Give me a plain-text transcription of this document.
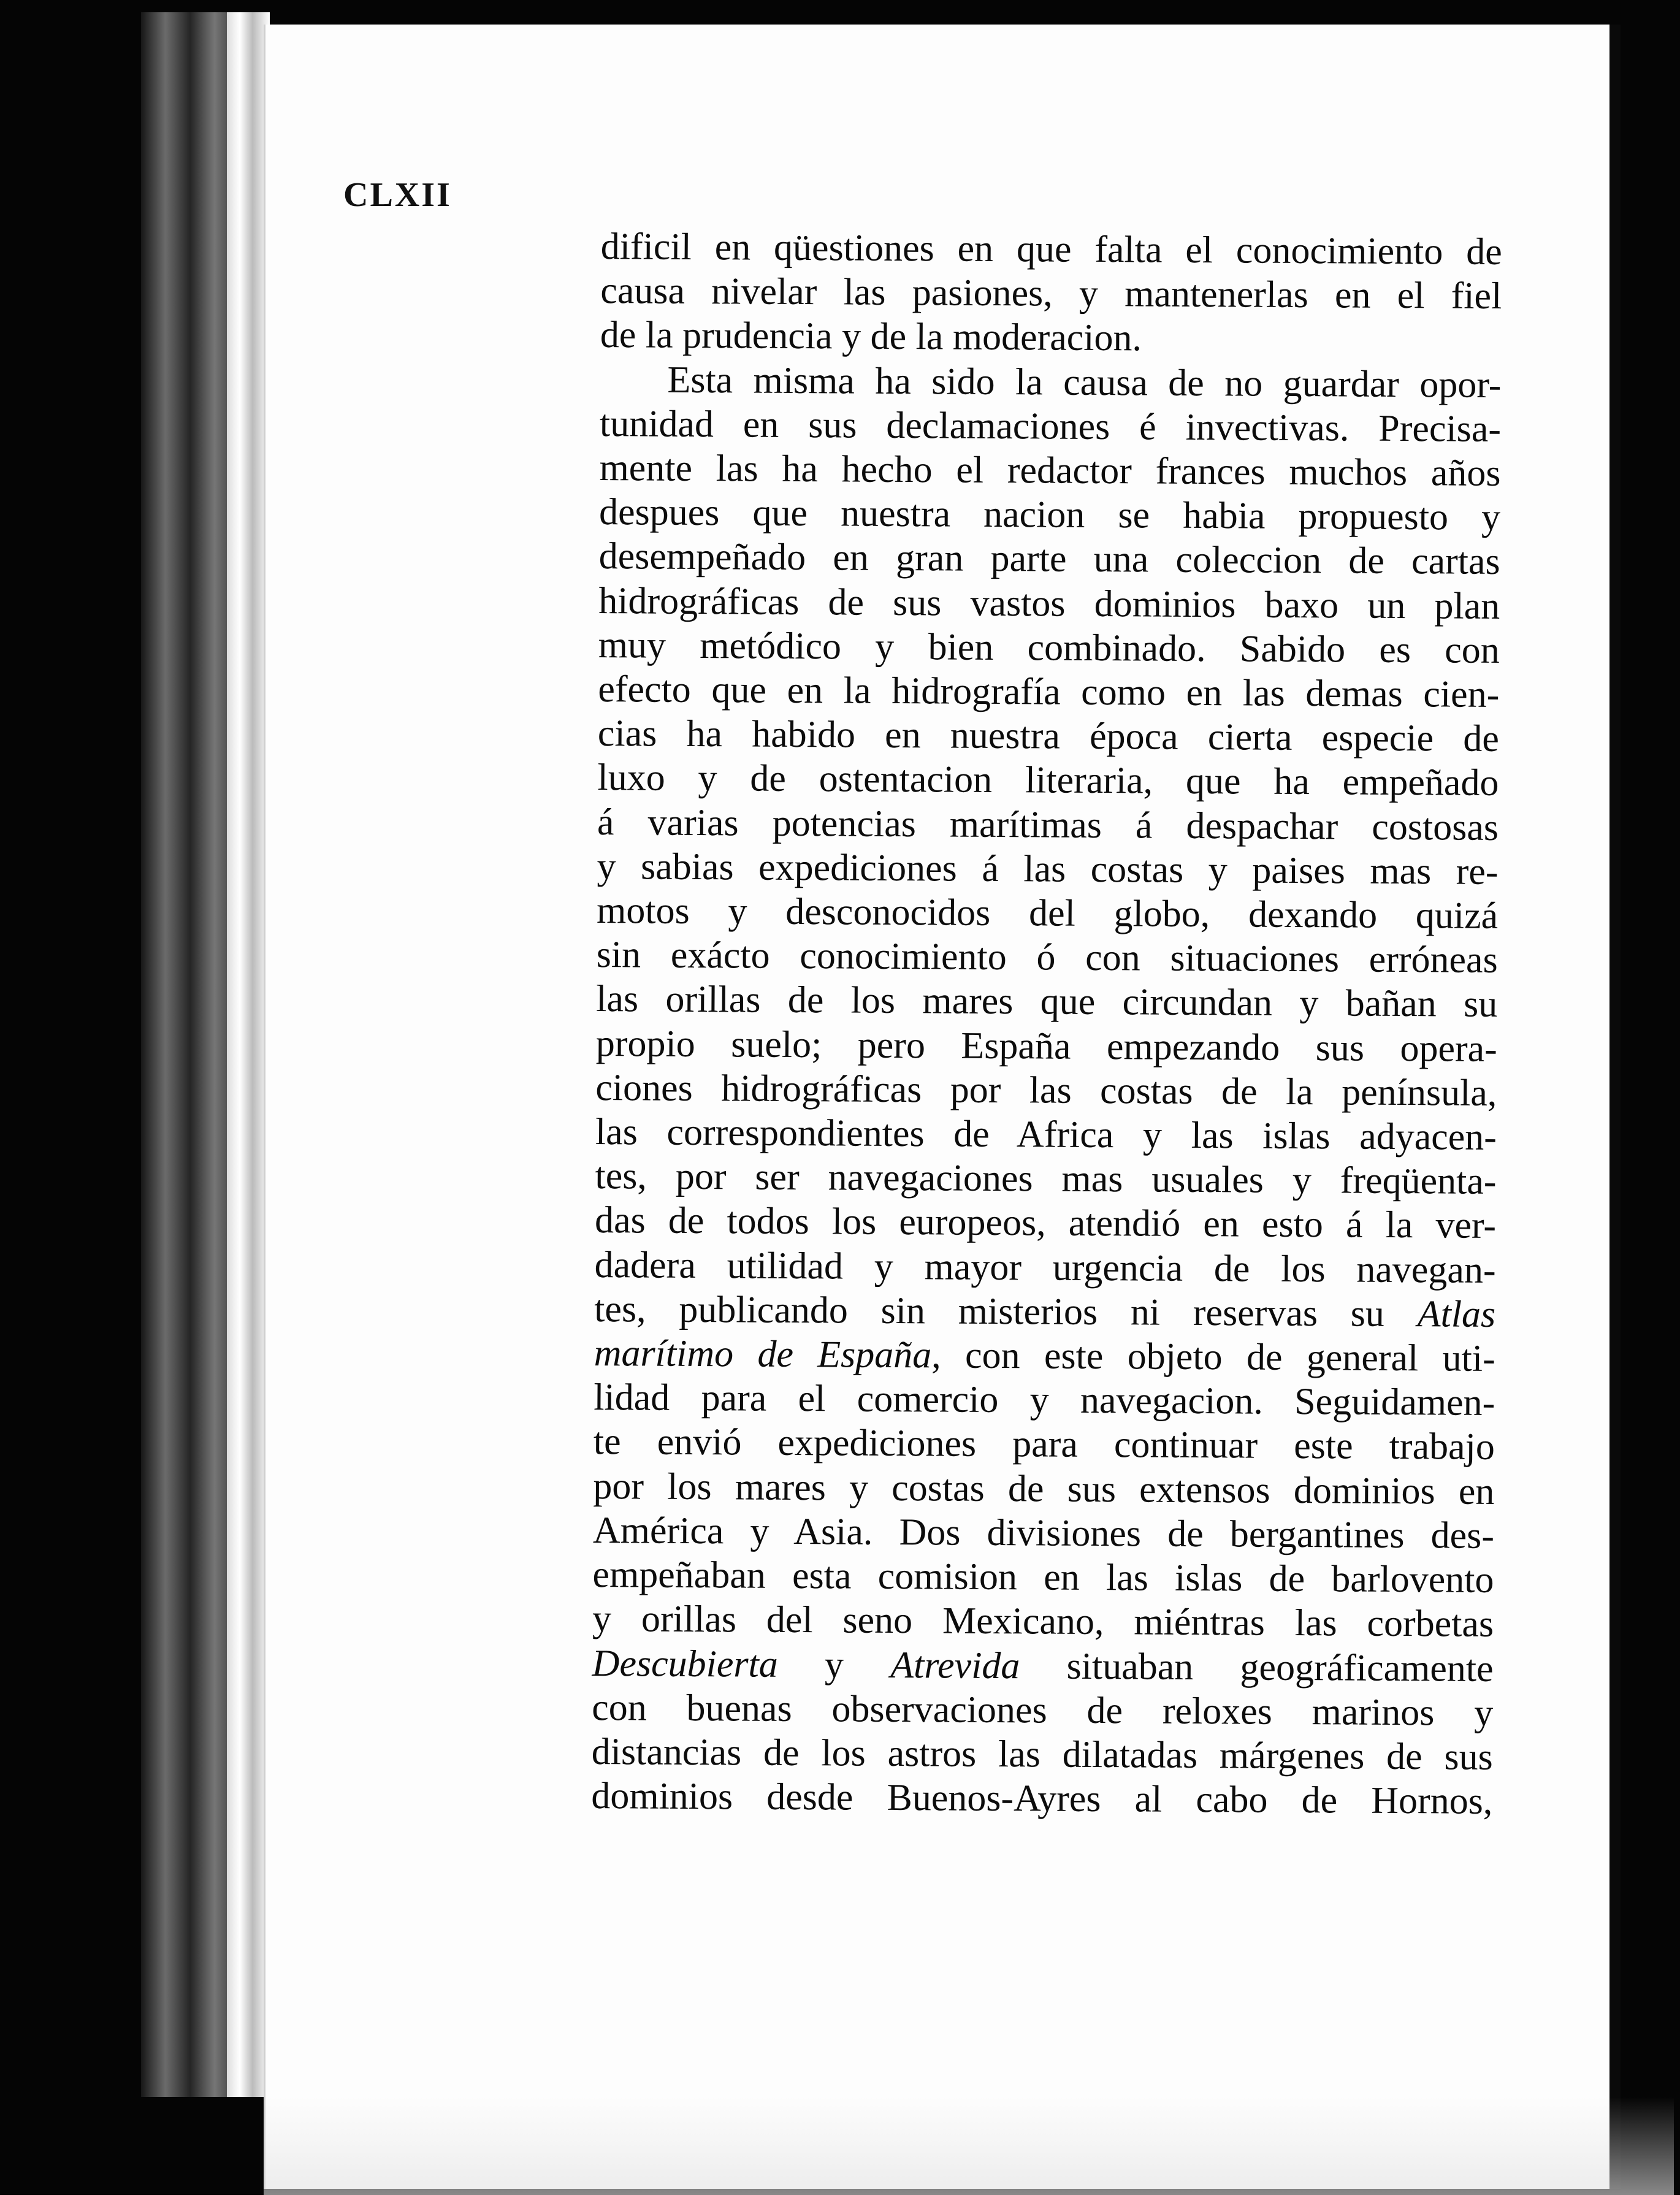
CLXII
dificil en qüestiones en que falta el conocimiento de
causa nivelar las pasiones, y mantenerlas en el fiel
de la prudencia y de la moderacion.
Esta misma ha sido la causa de no guardar opor-
tunidad en sus declamaciones é invectivas. Precisa-
mente las ha hecho el redactor frances muchos años
despues que nuestra nacion se habia propuesto y
desempeñado en gran parte una coleccion de cartas
hidrográficas de sus vastos dominios baxo un plan
muy metódico y bien combinado. Sabido es con
efecto que en la hidrografía como en las demas cien-
cias ha habido en nuestra época cierta especie de
luxo y de ostentacion literaria, que ha empeñado
á varias potencias marítimas á despachar costosas
y sabias expediciones á las costas y paises mas re-
motos y desconocidos del globo, dexando quizá
sin exácto conocimiento ó con situaciones erróneas
las orillas de los mares que circundan y bañan su
propio suelo; pero España empezando sus opera-
ciones hidrográficas por las costas de la península,
las correspondientes de Africa y las islas adyacen-
tes, por ser navegaciones mas usuales y freqüenta-
das de todos los europeos, atendió en esto á la ver-
dadera utilidad y mayor urgencia de los navegan-
tes, publicando sin misterios ni reservas su Atlas
marítimo de España, con este objeto de general uti-
lidad para el comercio y navegacion. Seguidamen-
te envió expediciones para continuar este trabajo
por los mares y costas de sus extensos dominios en
América y Asia. Dos divisiones de bergantines des-
empeñaban esta comision en las islas de barlovento
y orillas del seno Mexicano, miéntras las corbetas
Descubierta y Atrevida situaban geográficamente
con buenas observaciones de reloxes marinos y
distancias de los astros las dilatadas márgenes de sus
dominios desde Buenos-Ayres al cabo de Hornos,
